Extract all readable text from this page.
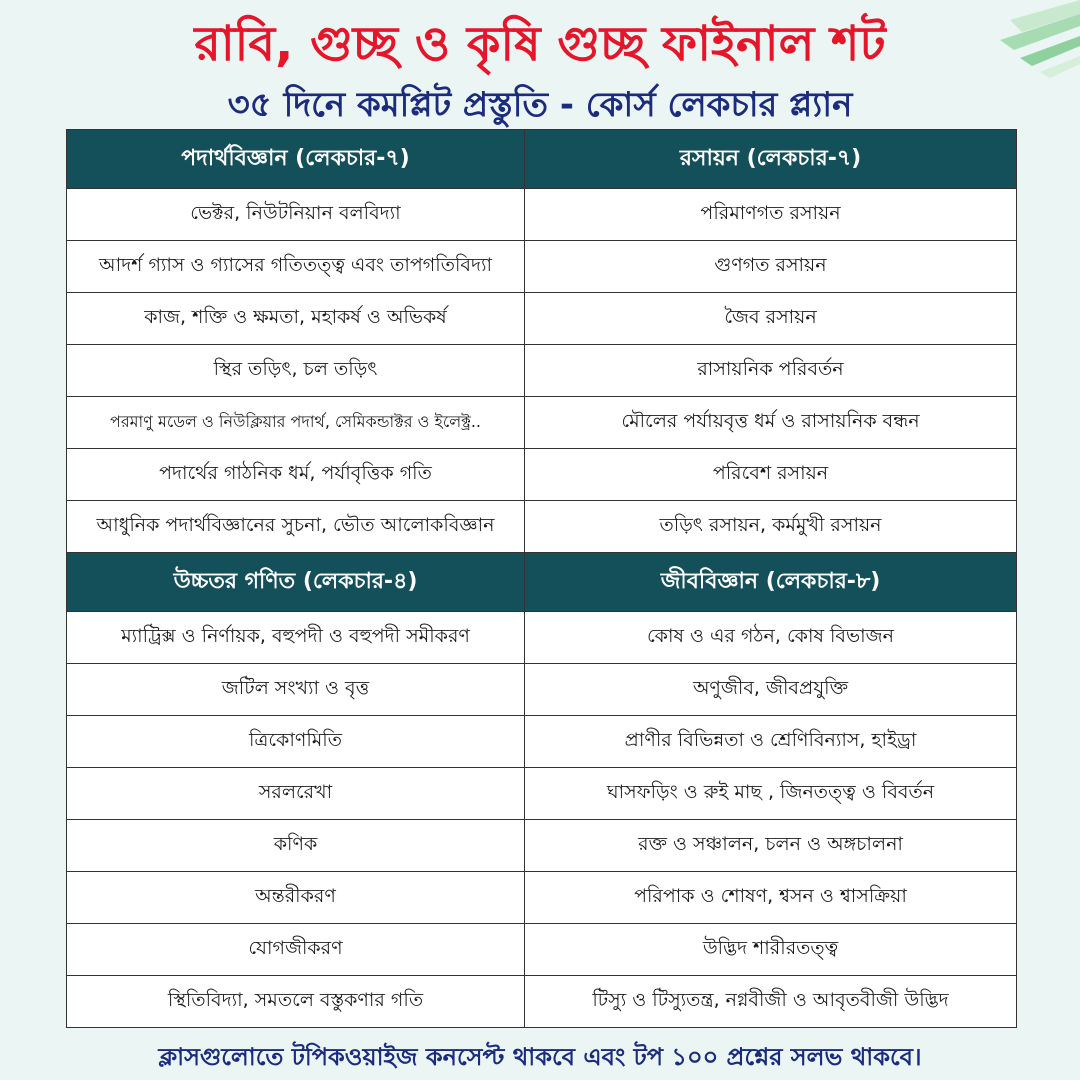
রাবি, গুচ্ছ ও কৃষি গুচ্ছ ফাইনাল শট
৩৫ দিনে কমপ্লিট প্রস্তুতি - কোর্স লেকচার প্ল্যান
পদার্থবিজ্ঞান (লেকচার-৭)	রসায়ন (লেকচার-৭)
ভেক্টর, নিউটনিয়ান বলবিদ্যা	পরিমাণগত রসায়ন
আদর্শ গ্যাস ও গ্যাসের গতিতত্ত্ব এবং তাপগতিবিদ্যা	গুণগত রসায়ন
কাজ, শক্তি ও ক্ষমতা, মহাকর্ষ ও অভিকর্ষ	জৈব রসায়ন
স্থির তড়িৎ, চল তড়িৎ	রাসায়নিক পরিবর্তন
পরমাণু মডেল ও নিউক্লিয়ার পদার্থ, সেমিকন্ডাক্টর ও ইলেক্ট্র..	মৌলের পর্যায়বৃত্ত ধর্ম ও রাসায়নিক বন্ধন
পদার্থের গাঠনিক ধর্ম, পর্যাবৃত্তিক গতি	পরিবেশ রসায়ন
আধুনিক পদার্থবিজ্ঞানের সুচনা, ভৌত আলোকবিজ্ঞান	তড়িৎ রসায়ন, কর্মমুখী রসায়ন
উচ্চতর গণিত (লেকচার-৪)	জীববিজ্ঞান (লেকচার-৮)
ম্যাট্রিক্স ও নির্ণায়ক, বহুপদী ও বহুপদী সমীকরণ	কোষ ও এর গঠন, কোষ বিভাজন
জটিল সংখ্যা ও বৃত্ত	অণুজীব, জীবপ্রযুক্তি
ত্রিকোণমিতি	প্রাণীর বিভিন্নতা ও শ্রেণিবিন্যাস, হাইড্রা
সরলরেখা	ঘাসফড়িং ও রুই মাছ , জিনতত্ত্ব ও বিবর্তন
কণিক	রক্ত ও সঞ্চালন, চলন ও অঙ্গচালনা
অন্তরীকরণ	পরিপাক ও শোষণ, শ্বসন ও শ্বাসক্রিয়া
যোগজীকরণ	উদ্ভিদ শারীরতত্ত্ব
স্থিতিবিদ্যা, সমতলে বস্তুকণার গতি	টিস্যু ও টিস্যুতন্ত্র, নগ্নবীজী ও আবৃতবীজী উদ্ভিদ
ক্লাসগুলোতে টপিকওয়াইজ কনসেপ্ট থাকবে এবং টপ ১০০ প্রশ্নের সলভ থাকবে।
